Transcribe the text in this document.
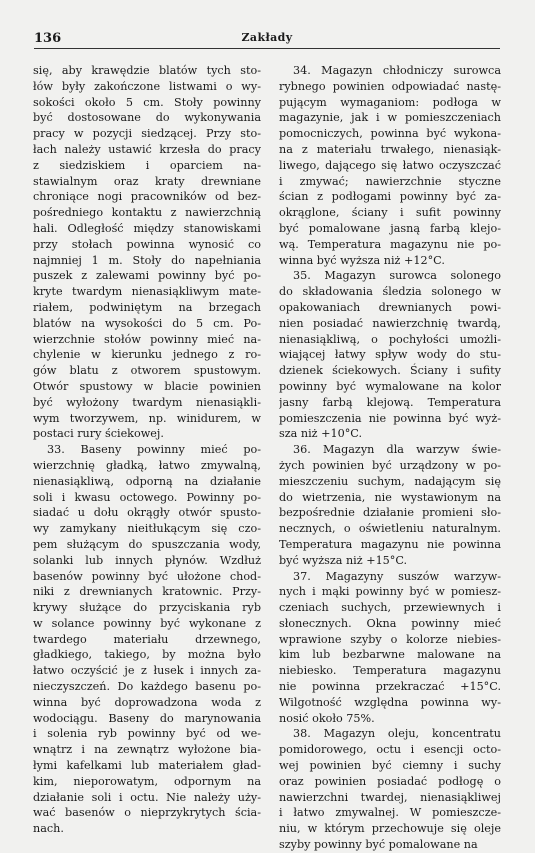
136	Zakłady
się, aby krawędzie blatów tych sto-
łów były zakończone listwami o wy-
sokości około 5 cm. Stoły powinny
być dostosowane do wykonywania
pracy w pozycji siedzącej. Przy sto-
łach należy ustawić krzesła do pracy
z siedziskiem i oparciem na-
stawialnym oraz kraty drewniane
chroniące nogi pracowników od bez-
pośredniego kontaktu z nawierzchnią
hali. Odległość między stanowiskami
przy stołach powinna wynosić co
najmniej 1 m. Stoły do napełniania
puszek z zalewami powinny być po-
kryte twardym nienasiąkliwym mate-
riałem, podwiniętym na brzegach
blatów na wysokości do 5 cm. Po-
wierzchnie stołów powinny mieć na-
chylenie w kierunku jednego z ro-
gów blatu z otworem spustowym.
Otwór spustowy w blacie powinien
być wyłożony twardym nienasiąkli-
wym tworzywem, np. winidurem, w
postaci rury ściekowej.
33. Baseny powinny mieć po-
wierzchnię gładką, łatwo zmywalną,
nienasiąkliwą, odporną na działanie
soli i kwasu octowego. Powinny po-
siadać u dołu okrągły otwór spusto-
wy zamykany nieitłukącym się czo-
pem służącym do spuszczania wody,
solanki lub innych płynów. Wzdłuż
basenów powinny być ułożone chod-
niki z drewnianych kratownic. Przy-
krywy służące do przyciskania ryb
w solance powinny być wykonane z
twardego materiału drzewnego,
gładkiego, takiego, by można było
łatwo oczyścić je z łusek i innych za-
nieczyszczeń. Do każdego basenu po-
winna być doprowadzona woda z
wodociągu. Baseny do marynowania
i solenia ryb powinny być od we-
wnątrz i na zewnątrz wyłożone bia-
łymi kafelkami lub materiałem gład-
kim, nieporowatym, odpornym na
działanie soli i octu. Nie należy uży-
wać basenów o nieprzykrytych ścia-
nach.
34. Magazyn chłodniczy surowca
rybnego powinien odpowiadać nastę-
pującym wymaganiom: podłoga w
magazynie, jak i w pomieszczeniach
pomocniczych, powinna być wykona-
na z materiału trwałego, nienasiąk-
liwego, dającego się łatwo oczyszczać
i zmywać; nawierzchnie styczne
ścian z podłogami powinny być za-
okrąglone, ściany i sufit powinny
być pomalowane jasną farbą klejo-
wą. Temperatura magazynu nie po-
winna być wyższa niż +12°C.
35. Magazyn surowca solonego
do składowania śledzia solonego w
opakowaniach drewnianych powi-
nien posiadać nawierzchnię twardą,
nienasiąkliwą, o pochyłości umożli-
wiającej łatwy spływ wody do stu-
dzienek ściekowych. Ściany i sufity
powinny być wymalowane na kolor
jasny farbą klejową. Temperatura
pomieszczenia nie powinna być wyż-
sza niż +10°C.
36. Magazyn dla warzyw świe-
żych powinien być urządzony w po-
mieszczeniu suchym, nadającym się
do wietrzenia, nie wystawionym na
bezpośrednie działanie promieni sło-
necznych, o oświetleniu naturalnym.
Temperatura magazynu nie powinna
być wyższa niż +15°C.
37. Magazyny suszów warzyw-
nych i mąki powinny być w pomiesz-
czeniach suchych, przewiewnych i
słonecznych. Okna powinny mieć
wprawione szyby o kolorze niebies-
kim lub bezbarwne malowane na
niebiesko. Temperatura magazynu
nie powinna przekraczać +15°C.
Wilgotność względna powinna wy-
nosić około 75%.
38. Magazyn oleju, koncentratu
pomidorowego, octu i esencji octo-
wej powinien być ciemny i suchy
oraz powinien posiadać podłogę o
nawierzchni twardej, nienasiąkliwej
i łatwo zmywalnej. W pomieszcze-
niu, w którym przechowuje się oleje
szyby powinny być pomalowane na
